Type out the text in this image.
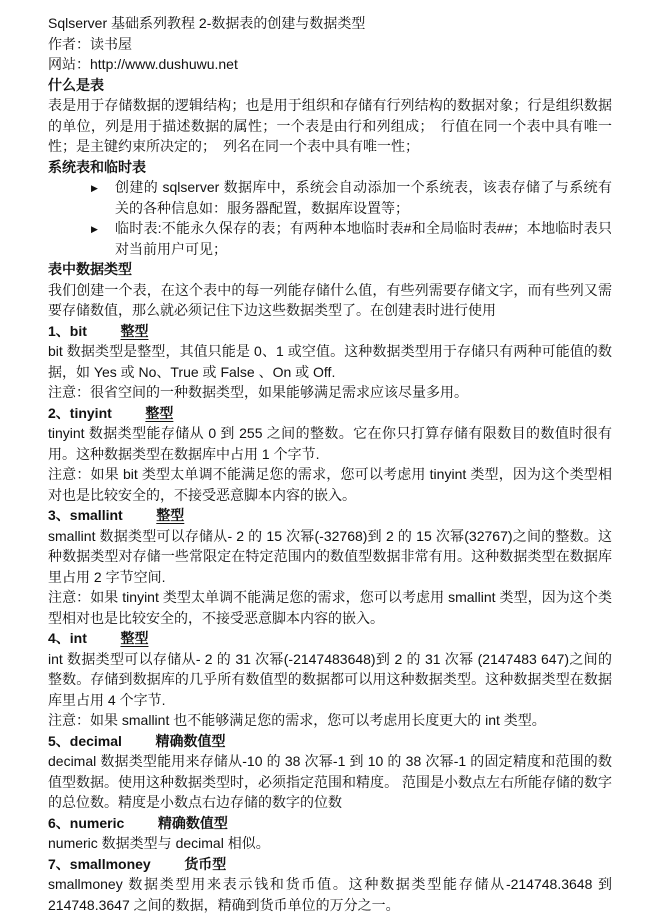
Sqlserver 基础系列教程 2-数据表的创建与数据类型

作者：读书屋

网站：http://www.dushuwu.net

什么是表

表是用于存储数据的逻辑结构；也是用于组织和存储有行列结构的数据对象；行是组织数据的单位，列是用于描述数据的属性；一个表是由行和列组成；　行值在同一个表中具有唯一性；是主键约束所决定的；　列名在同一个表中具有唯一性；

系统表和临时表
▶ 创建的 sqlserver 数据库中，系统会自动添加一个系统表，该表存储了与系统有关的各种信息如：服务器配置，数据库设置等；
▶ 临时表:不能永久保存的表；有两种本地临时表#和全局临时表##；本地临时表只对当前用户可见；
表中数据类型

我们创建一个表，在这个表中的每一列能存储什么值，有些列需要存储文字，而有些列又需要存储数值，那么就必须记住下边这些数据类型了。在创建表时进行使用

1、bit 整型

bit 数据类型是整型，其值只能是 0、1 或空值。这种数据类型用于存储只有两种可能值的数据，如 Yes 或 No、True 或 False 、On 或 Off.

注意：很省空间的一种数据类型，如果能够满足需求应该尽量多用。

2、tinyint 整型

tinyint 数据类型能存储从 0 到 255 之间的整数。它在你只打算存储有限数目的数值时很有用。这种数据类型在数据库中占用 1 个字节.

注意：如果 bit 类型太单调不能满足您的需求，您可以考虑用 tinyint 类型，因为这个类型相对也是比较安全的，不接受恶意脚本内容的嵌入。

3、smallint 整型

smallint 数据类型可以存储从- 2 的 15 次幂(-32768)到 2 的 15 次幂(32767)之间的整数。这种数据类型对存储一些常限定在特定范围内的数值型数据非常有用。这种数据类型在数据库里占用 2 字节空间.

注意：如果 tinyint 类型太单调不能满足您的需求，您可以考虑用 smallint 类型，因为这个类型相对也是比较安全的，不接受恶意脚本内容的嵌入。

4、int 整型

int 数据类型可以存储从- 2 的 31 次幂(-2147483648)到 2 的 31 次幂 (2147483 647)之间的整数。存储到数据库的几乎所有数值型的数据都可以用这种数据类型。这种数据类型在数据库里占用 4 个字节.

注意：如果 smallint 也不能够满足您的需求，您可以考虑用长度更大的 int 类型。

5、decimal 精确数值型

decimal 数据类型能用来存储从-10 的 38 次幂-1 到 10 的 38 次幂-1 的固定精度和范围的数值型数据。使用这种数据类型时，必须指定范围和精度。 范围是小数点左右所能存储的数字的总位数。精度是小数点右边存储的数字的位数

6、numeric 精确数值型

numeric 数据类型与 decimal 相似。

7、smallmoney 货币型

smallmoney 数据类型用来表示钱和货币值。这种数据类型能存储从-214748.3648 到 214748.3647 之间的数据，精确到货币单位的万分之一。
